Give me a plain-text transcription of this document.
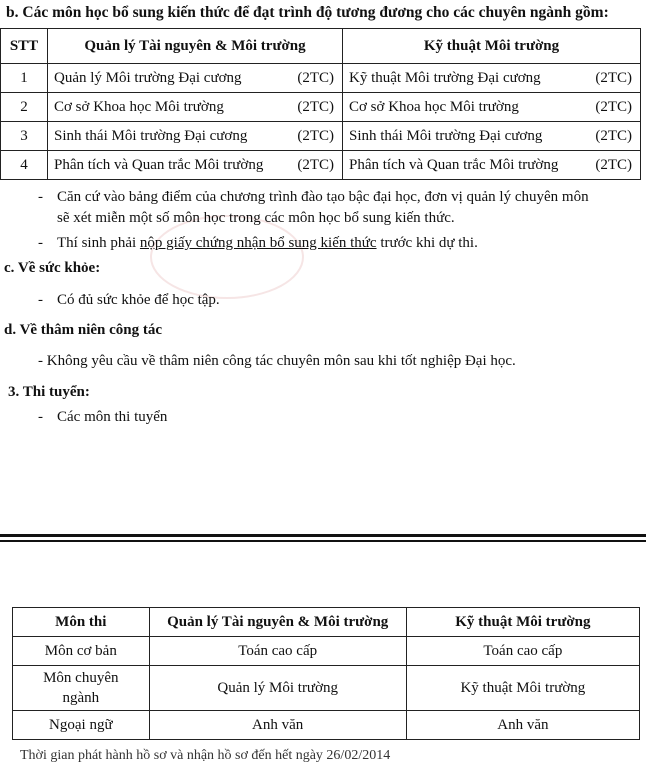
b. Các môn học bổ sung kiến thức để đạt trình độ tương đương cho các chuyên ngành gồm:
STT	Quản lý Tài nguyên & Môi trường	Kỹ thuật Môi trường
1	Quản lý Môi trường Đại cương (2TC)	Kỹ thuật Môi trường Đại cương (2TC)

2	Cơ sở Khoa học Môi trường (2TC)	Cơ sở Khoa học Môi trường (2TC)

3	Sinh thái Môi trường Đại cương (2TC)	Sinh thái Môi trường Đại cương (2TC)

4	Phân tích và Quan trắc Môi trường (2TC)	Phân tích và Quan trắc Môi trường (2TC)
- Căn cứ vào bảng điểm của chương trình đào tạo bậc đại học, đơn vị quản lý chuyên môn
sẽ xét miễn một số môn học trong các môn học bổ sung kiến thức.
- Thí sinh phải nộp giấy chứng nhận bổ sung kiến thức trước khi dự thi.
c. Về sức khỏe:
- Có đủ sức khỏe để học tập.
d. Về thâm niên công tác
- Không yêu cầu về thâm niên công tác chuyên môn sau khi tốt nghiệp Đại học.
3. Thi tuyển:
- Các môn thi tuyển
Môn thi	Quản lý Tài nguyên & Môi trường	Kỹ thuật Môi trường
Môn cơ bản	Toán cao cấp	Toán cao cấp

Môn chuyên
ngành	Quản lý Môi trường	Kỹ thuật Môi trường
Ngoại ngữ	Anh văn	Anh văn
Thời gian phát hành hồ sơ và nhận hồ sơ đến hết ngày 26/02/2014
